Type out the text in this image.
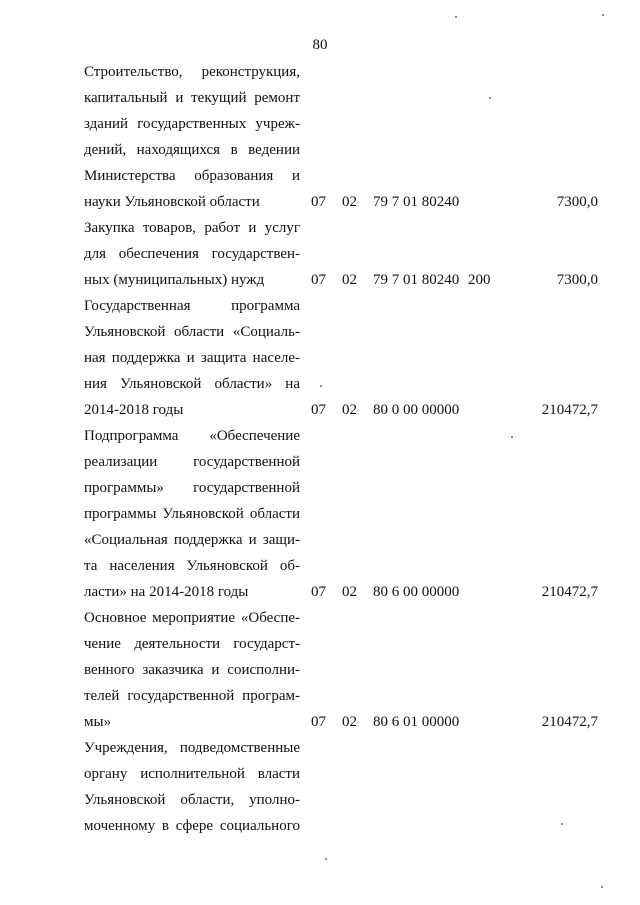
80
Строительство, реконструкция,
капитальный и текущий ремонт
зданий государственных учреж-
дений, находящихся в ведении
Министерства образования и
науки Ульяновской области	07 02 79 7 01 80240	7300,0
Закупка товаров, работ и услуг
для обеспечения государствен-
ных (муниципальных) нужд	07 02 79 7 01 80240 200	7300,0
Государственная программа
Ульяновской области «Социаль-
ная поддержка и защита населе-
ния Ульяновской области» на
2014-2018 годы	07 02 80 0 00 00000	210472,7
Подпрограмма «Обеспечение
реализации государственной
программы» государственной
программы Ульяновской области
«Социальная поддержка и защи-
та населения Ульяновской об-
ласти» на 2014-2018 годы	07 02 80 6 00 00000	210472,7
Основное мероприятие «Обеспе-
чение деятельности государст-
венного заказчика и соисполни-
телей государственной програм-
мы»	07 02 80 6 01 00000	210472,7
Учреждения, подведомственные
органу исполнительной власти
Ульяновской области, уполно-
моченному в сфере социального
